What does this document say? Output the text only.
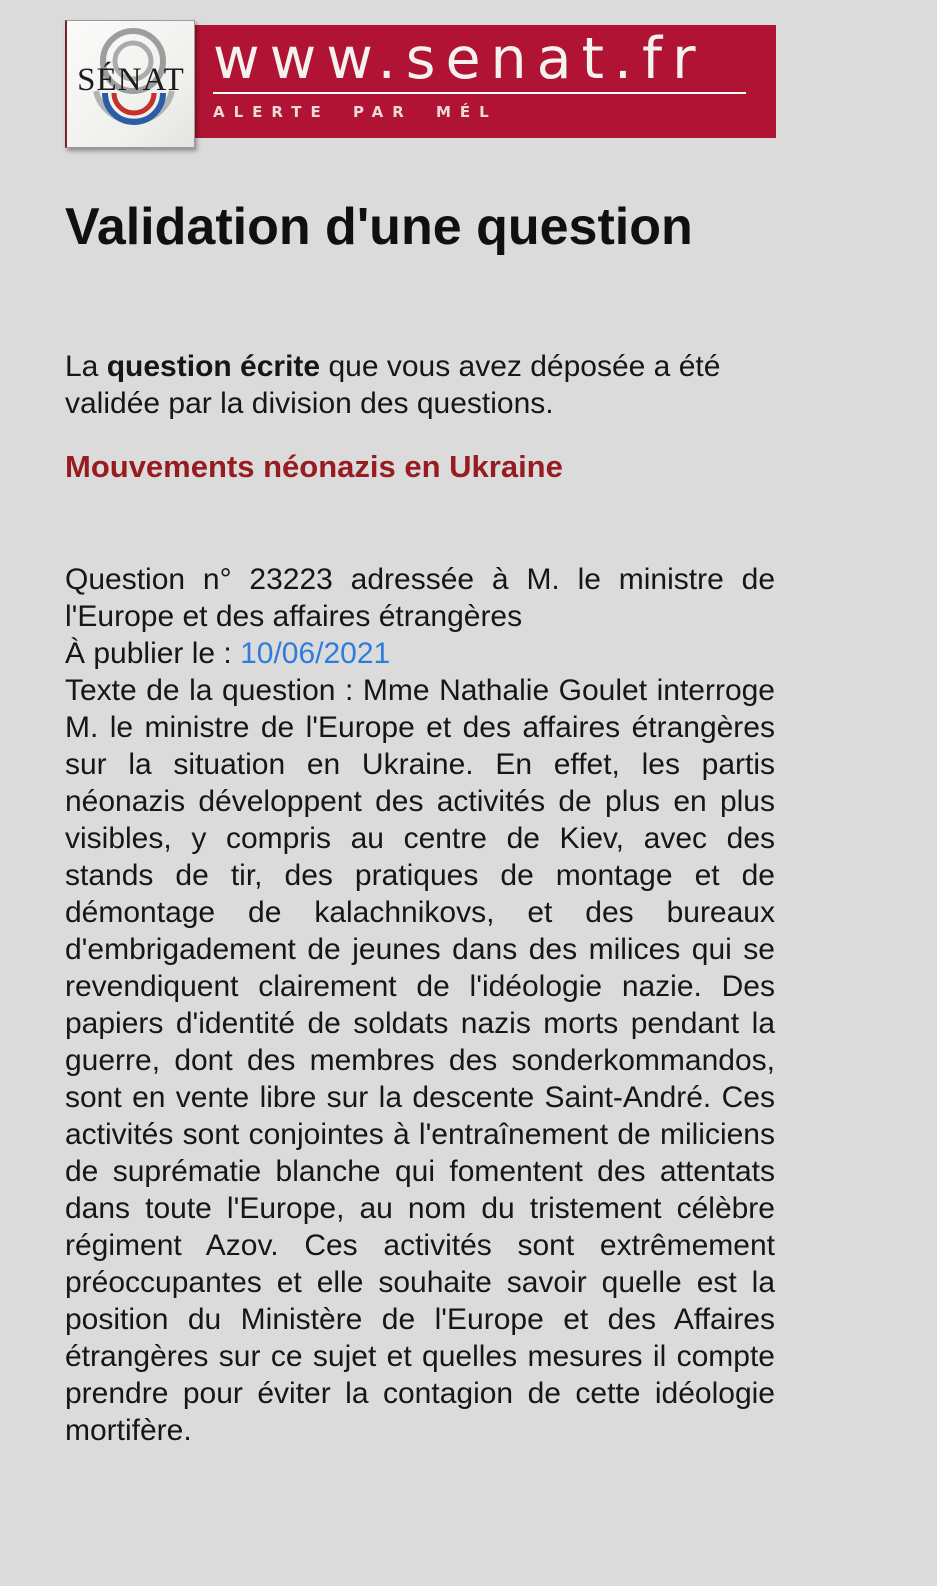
SÉNAT www.senat.fr
ALERTE PAR MÉL
Validation d'une question

La question écrite que vous avez déposée a été validée par la division des questions.

Mouvements néonazis en Ukraine

Question n° 23223 adressée à M. le ministre de l'Europe et des affaires étrangères
À publier le : 10/06/2021
Texte de la question : Mme Nathalie Goulet interroge M. le ministre de l'Europe et des affaires étrangères sur la situation en Ukraine. En effet, les partis néonazis développent des activités de plus en plus visibles, y compris au centre de Kiev, avec des stands de tir, des pratiques de montage et de démontage de kalachnikovs, et des bureaux d'embrigadement de jeunes dans des milices qui se revendiquent clairement de l'idéologie nazie. Des papiers d'identité de soldats nazis morts pendant la guerre, dont des membres des sonderkommandos, sont en vente libre sur la descente Saint-André. Ces activités sont conjointes à l'entraînement de miliciens de suprématie blanche qui fomentent des attentats dans toute l'Europe, au nom du tristement célèbre régiment Azov. Ces activités sont extrêmement préoccupantes et elle souhaite savoir quelle est la position du Ministère de l'Europe et des Affaires étrangères sur ce sujet et quelles mesures il compte prendre pour éviter la contagion de cette idéologie mortifère.
